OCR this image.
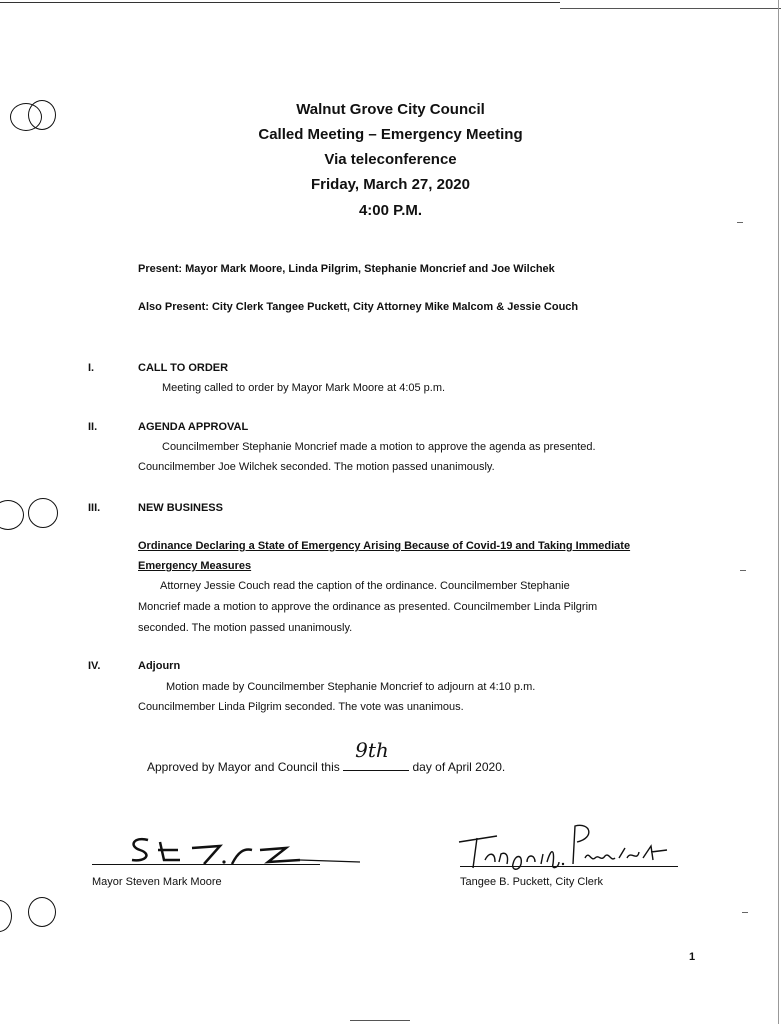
Walnut Grove City Council
Called Meeting – Emergency Meeting
Via teleconference
Friday, March 27, 2020
4:00 P.M.
Present: Mayor Mark Moore, Linda Pilgrim, Stephanie Moncrief and Joe Wilchek
Also Present: City Clerk Tangee Puckett, City Attorney Mike Malcom & Jessie Couch
I.	CALL TO ORDER
Meeting called to order by Mayor Mark Moore at 4:05 p.m.
II.	AGENDA APPROVAL
Councilmember Stephanie Moncrief made a motion to approve the agenda as presented.
Councilmember Joe Wilchek seconded. The motion passed unanimously.
III.	NEW BUSINESS
Ordinance Declaring a State of Emergency Arising Because of Covid-19 and Taking Immediate
Emergency Measures
Attorney Jessie Couch read the caption of the ordinance. Councilmember Stephanie
Moncrief made a motion to approve the ordinance as presented. Councilmember Linda Pilgrim
seconded. The motion passed unanimously.
IV.	Adjourn
Motion made by Councilmember Stephanie Moncrief to adjourn at 4:10 p.m.
Councilmember Linda Pilgrim seconded. The vote was unanimous.
Approved by Mayor and Council this
9th
day of April 2020.
Mayor Steven Mark Moore	Tangee B. Puckett, City Clerk
1
